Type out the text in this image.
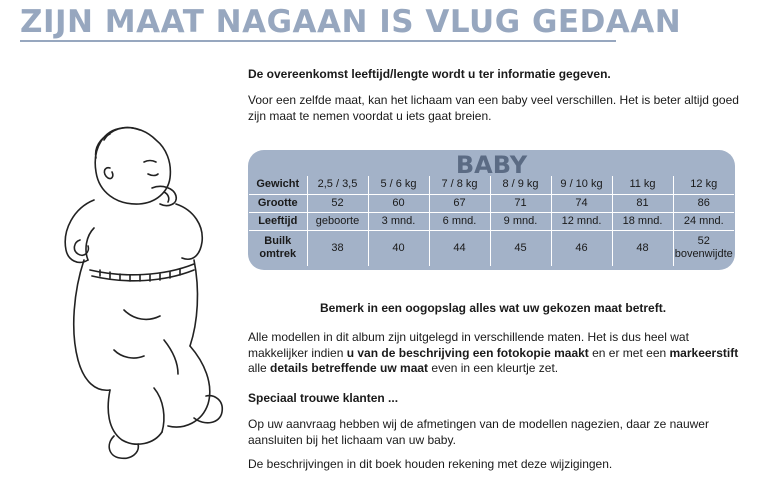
ZIJN MAAT NAGAAN IS VLUG GEDAAN

De overeenkomst leeftijd/lengte wordt u ter informatie gegeven.

Voor een zelfde maat, kan het lichaam van een baby veel verschillen. Het is beter altijd goed zijn maat te nemen voordat u iets gaat breien.

BABY
Gewicht	2,5 / 3,5	5 / 6 kg	7 / 8 kg	8 / 9 kg	9 / 10 kg	11 kg	12 kg
Grootte	52	60	67	71	74	81	86
Leeftijd	geboorte	3 mnd.	6 mnd.	9 mnd.	12 mnd.	18 mnd.	24 mnd.
Builk omtrek	38	40	44	45	46	48	52 bovenwijdte

Bemerk in een oogopslag alles wat uw gekozen maat betreft.

Alle modellen in dit album zijn uitgelegd in verschillende maten. Het is dus heel wat makkelijker indien u van de beschrijving een fotokopie maakt en er met een markeerstift alle details betreffende uw maat even in een kleurtje zet.

Speciaal trouwe klanten ...

Op uw aanvraag hebben wij de afmetingen van de modellen nagezien, daar ze nauwer aansluiten bij het lichaam van uw baby.

De beschrijvingen in dit boek houden rekening met deze wijzigingen.
